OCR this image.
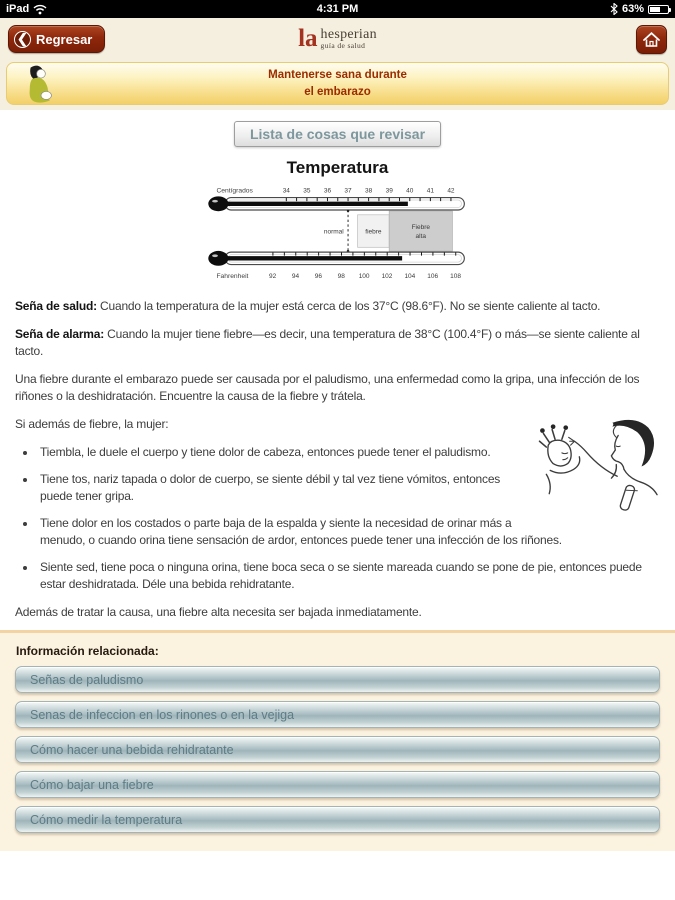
4:31 PM
iPad	63%
❮ Regresar	la hesperian
guía de salud
Mantenerse sana durante
el embarazo
Lista de cosas que revisar
Temperatura
Centígrados	34 35 36 37 38 39 40 41 42
normal	fiebre
Fiebre
alta
Fahrenheit	92 94 96 98 100 102 104 106 108

Seña de salud: Cuando la temperatura de la mujer está cerca de los 37°C (98.6°F). No se siente caliente al tacto.

Seña de alarma: Cuando la mujer tiene fiebre—es decir, una temperatura de 38°C (100.4°F) o más—se siente caliente al tacto.

Una fiebre durante el embarazo puede ser causada por el paludismo, una enfermedad como la gripa, una infección de los riñones o la deshidratación. Encuentre la causa de la fiebre y trátela.

Si además de fiebre, la mujer:

• Tiembla, le duele el cuerpo y tiene dolor de cabeza, entonces puede tener el paludismo.
• Tiene tos, nariz tapada o dolor de cuerpo, se siente débil y tal vez tiene vómitos, entonces puede tener gripa.
• Tiene dolor en los costados o parte baja de la espalda y siente la necesidad de orinar más a menudo, o cuando orina tiene sensación de ardor, entonces puede tener una infección de los riñones.
• Siente sed, tiene poca o ninguna orina, tiene boca seca o se siente mareada cuando se pone de pie, entonces puede estar deshidratada. Déle una bebida rehidratante.

Además de tratar la causa, una fiebre alta necesita ser bajada inmediatamente.

Información relacionada:
Señas de paludismo
Senas de infeccion en los rinones o en la vejiga
Cómo hacer una bebida rehidratante
Cómo bajar una fiebre
Cómo medir la temperatura
